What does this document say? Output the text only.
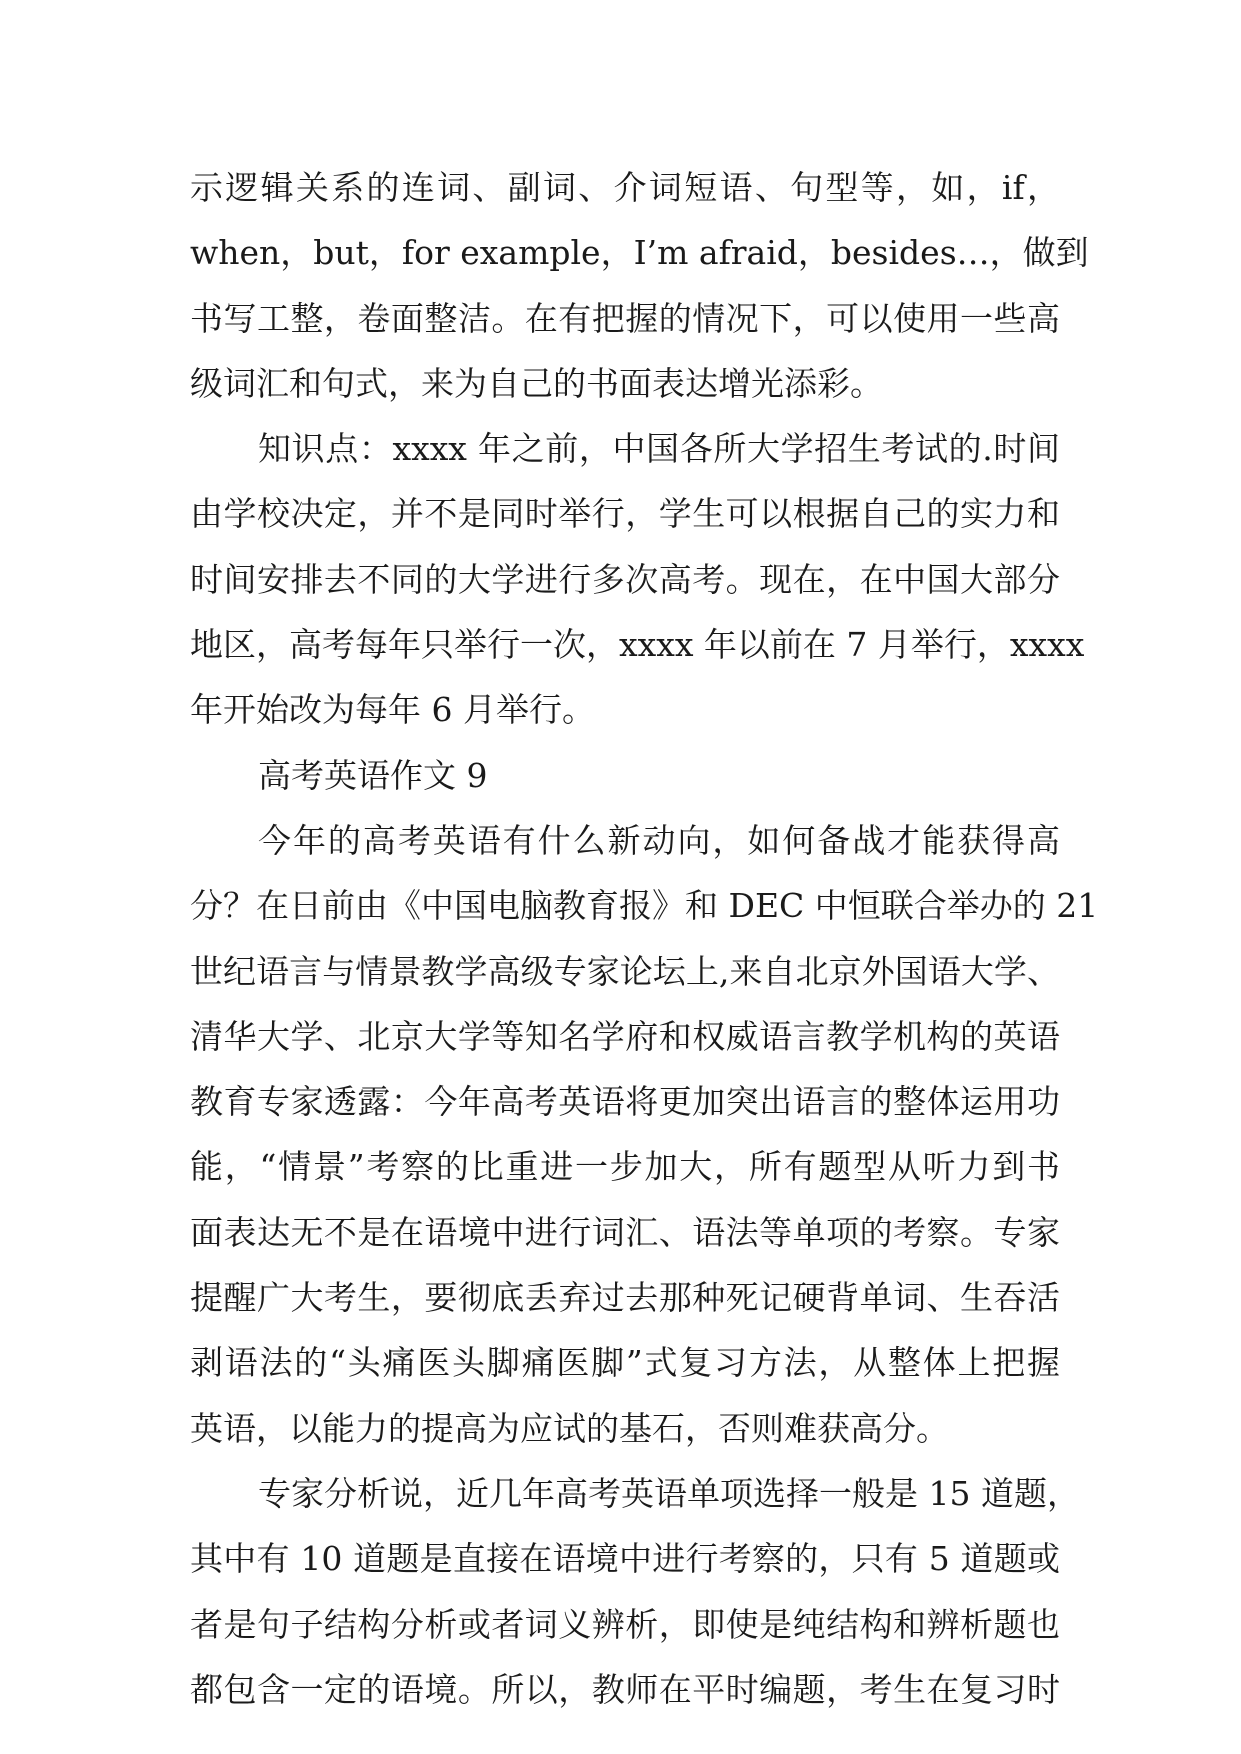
示逻辑关系的连词、副词、介词短语、句型等，如，if，
when，but，for example，I’m afraid，besides…，做到
书写工整，卷面整洁。在有把握的情况下，可以使用一些高
级词汇和句式，来为自己的书面表达增光添彩。
知识点：xxxx 年之前，中国各所大学招生考试的.时间
由学校决定，并不是同时举行，学生可以根据自己的实力和
时间安排去不同的大学进行多次高考。现在，在中国大部分
地区，高考每年只举行一次，xxxx 年以前在 7 月举行，xxxx
年开始改为每年 6 月举行。
高考英语作文 9
今年的高考英语有什么新动向，如何备战才能获得高
分？在日前由《中国电脑教育报》和 DEC 中恒联合举办的 21
世纪语言与情景教学高级专家论坛上,来自北京外国语大学、
清华大学、北京大学等知名学府和权威语言教学机构的英语
教育专家透露：今年高考英语将更加突出语言的整体运用功
能，“情景”考察的比重进一步加大，所有题型从听力到书
面表达无不是在语境中进行词汇、语法等单项的考察。专家
提醒广大考生，要彻底丢弃过去那种死记硬背单词、生吞活
剥语法的“头痛医头脚痛医脚”式复习方法，从整体上把握
英语，以能力的提高为应试的基石，否则难获高分。
专家分析说，近几年高考英语单项选择一般是 15 道题，
其中有 10 道题是直接在语境中进行考察的，只有 5 道题或
者是句子结构分析或者词义辨析，即使是纯结构和辨析题也
都包含一定的语境。所以，教师在平时编题，考生在复习时
